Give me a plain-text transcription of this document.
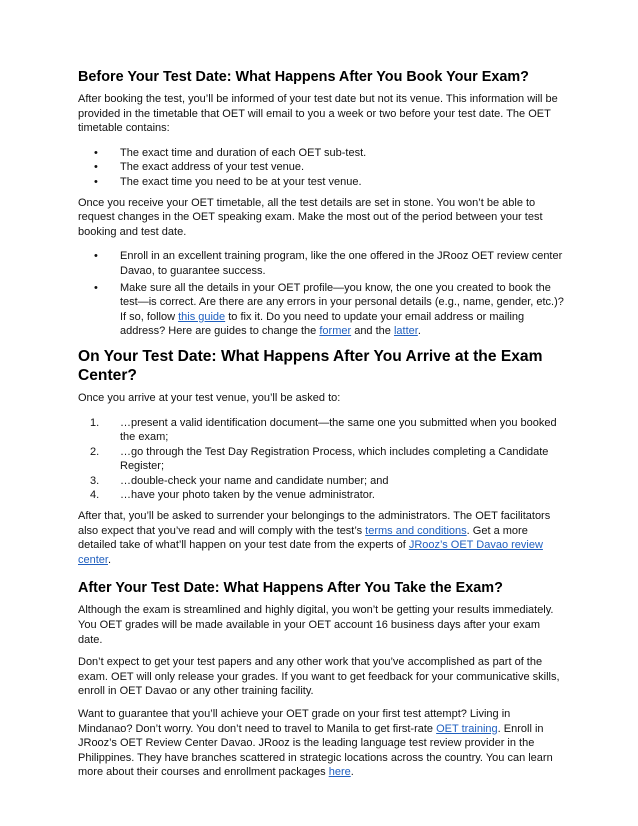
Before Your Test Date: What Happens After You Book Your Exam?

After booking the test, you’ll be informed of your test date but not its venue. This information will be provided in the timetable that OET will email to you a week or two before your test date. The OET timetable contains:

• The exact time and duration of each OET sub-test.
• The exact address of your test venue.
• The exact time you need to be at your test venue.

Once you receive your OET timetable, all the test details are set in stone. You won’t be able to request changes in the OET speaking exam. Make the most out of the period between your test booking and test date.

• Enroll in an excellent training program, like the one offered in the JRooz OET review center Davao, to guarantee success.
• Make sure all the details in your OET profile—you know, the one you created to book the test—is correct. Are there are any errors in your personal details (e.g., name, gender, etc.)? If so, follow this guide to fix it. Do you need to update your email address or mailing address? Here are guides to change the former and the latter.
On Your Test Date: What Happens After You Arrive at the Exam Center?

Once you arrive at your test venue, you’ll be asked to:

1. …present a valid identification document—the same one you submitted when you booked the exam;
2. …go through the Test Day Registration Process, which includes completing a Candidate Register;
3. …double-check your name and candidate number; and
4. …have your photo taken by the venue administrator.

After that, you’ll be asked to surrender your belongings to the administrators. The OET facilitators also expect that you’ve read and will comply with the test’s terms and conditions. Get a more detailed take of what’ll happen on your test date from the experts of JRooz’s OET Davao review center.

After Your Test Date: What Happens After You Take the Exam?

Although the exam is streamlined and highly digital, you won’t be getting your results immediately. You OET grades will be made available in your OET account 16 business days after your exam date.

Don’t expect to get your test papers and any other work that you’ve accomplished as part of the exam. OET will only release your grades. If you want to get feedback for your communicative skills, enroll in OET Davao or any other training facility.

Want to guarantee that you’ll achieve your OET grade on your first test attempt? Living in Mindanao? Don’t worry. You don’t need to travel to Manila to get first-rate OET training. Enroll in JRooz’s OET Review Center Davao. JRooz is the leading language test review provider in the Philippines. They have branches scattered in strategic locations across the country. You can learn more about their courses and enrollment packages here.
